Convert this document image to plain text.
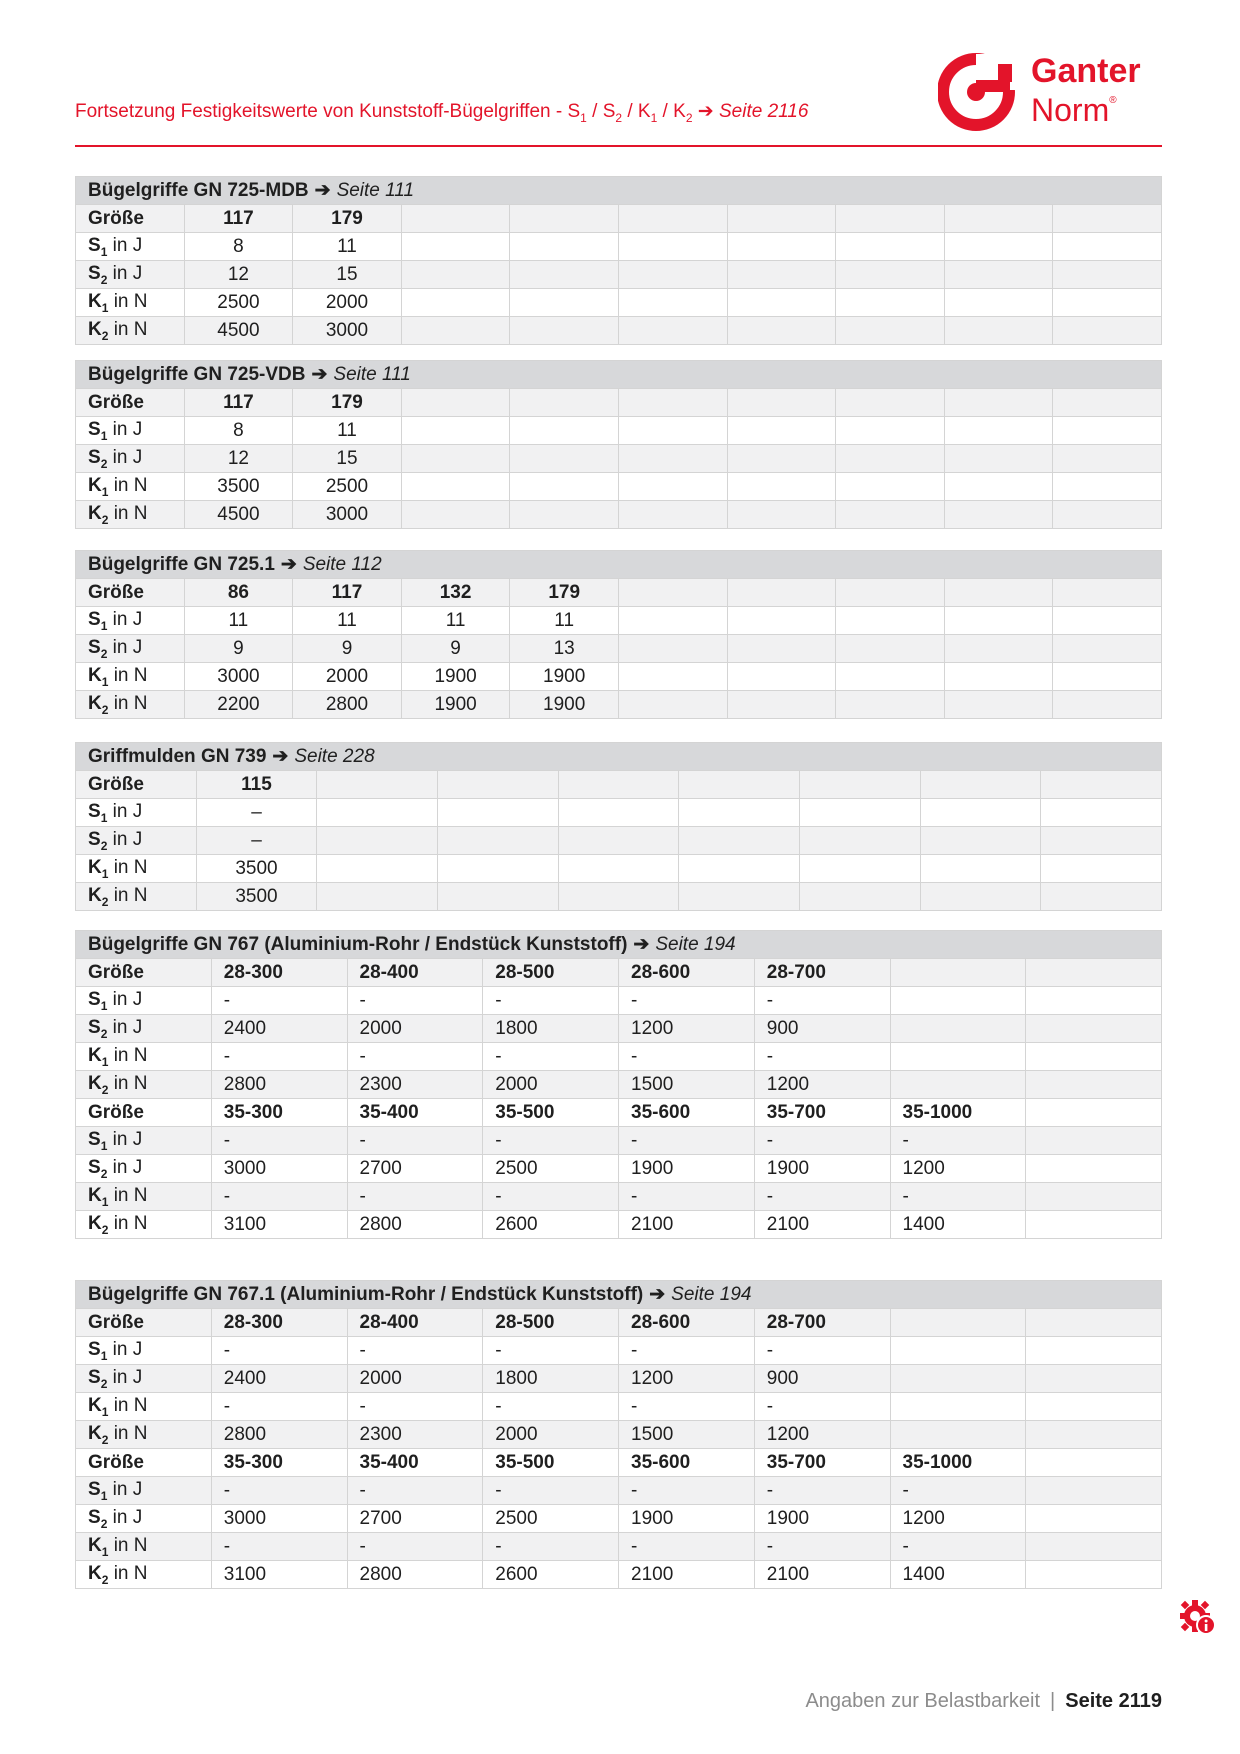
Fortsetzung Festigkeitswerte von Kunststoff-Bügelgriffen - $S_1 / S_2 / K_1 / K_2$ ➔ Seite 2116
Ganter
Norm®
Bügelgriffe GN 725-MDB ➔ Seite 111									
Größe	117	179							
$S_1$ in J	8	11							
$S_2$ in J	12	15							
$K_1$ in N	2500	2000							
$K_2$ in N	4500	3000							
Bügelgriffe GN 725-VDB ➔ Seite 111									
Größe	117	179							
$S_1$ in J	8	11							
$S_2$ in J	12	15							
$K_1$ in N	3500	2500							
$K_2$ in N	4500	3000							
Bügelgriffe GN 725.1 ➔ Seite 112									
Größe	86	117	132	179					
$S_1$ in J	11	11	11	11					
$S_2$ in J	9	9	9	13					
$K_1$ in N	3000	2000	1900	1900					
$K_2$ in N	2200	2800	1900	1900					
Griffmulden GN 739 ➔ Seite 228								
Größe	115							
$S_1$ in J	–							
$S_2$ in J	–							
$K_1$ in N	3500							
$K_2$ in N	3500							
Bügelgriffe GN 767 (Aluminium-Rohr / Endstück Kunststoff) ➔ Seite 194							
Größe	28-300	28-400	28-500	28-600	28-700		
$S_1$ in J	-	-	-	-	-		
$S_2$ in J	2400	2000	1800	1200	900		
$K_1$ in N	-	-	-	-	-		
$K_2$ in N	2800	2300	2000	1500	1200		
Größe	35-300	35-400	35-500	35-600	35-700	35-1000	
$S_1$ in J	-	-	-	-	-	-	
$S_2$ in J	3000	2700	2500	1900	1900	1200	
$K_1$ in N	-	-	-	-	-	-	
$K_2$ in N	3100	2800	2600	2100	2100	1400	
Bügelgriffe GN 767.1 (Aluminium-Rohr / Endstück Kunststoff) ➔ Seite 194							
Größe	28-300	28-400	28-500	28-600	28-700		
$S_1$ in J	-	-	-	-	-		
$S_2$ in J	2400	2000	1800	1200	900		
$K_1$ in N	-	-	-	-	-		
$K_2$ in N	2800	2300	2000	1500	1200		
Größe	35-300	35-400	35-500	35-600	35-700	35-1000	
$S_1$ in J	-	-	-	-	-	-	
$S_2$ in J	3000	2700	2500	1900	1900	1200	
$K_1$ in N	-	-	-	-	-	-	
$K_2$ in N	3100	2800	2600	2100	2100	1400	
Angaben zur Belastbarkeit | Seite 2119
